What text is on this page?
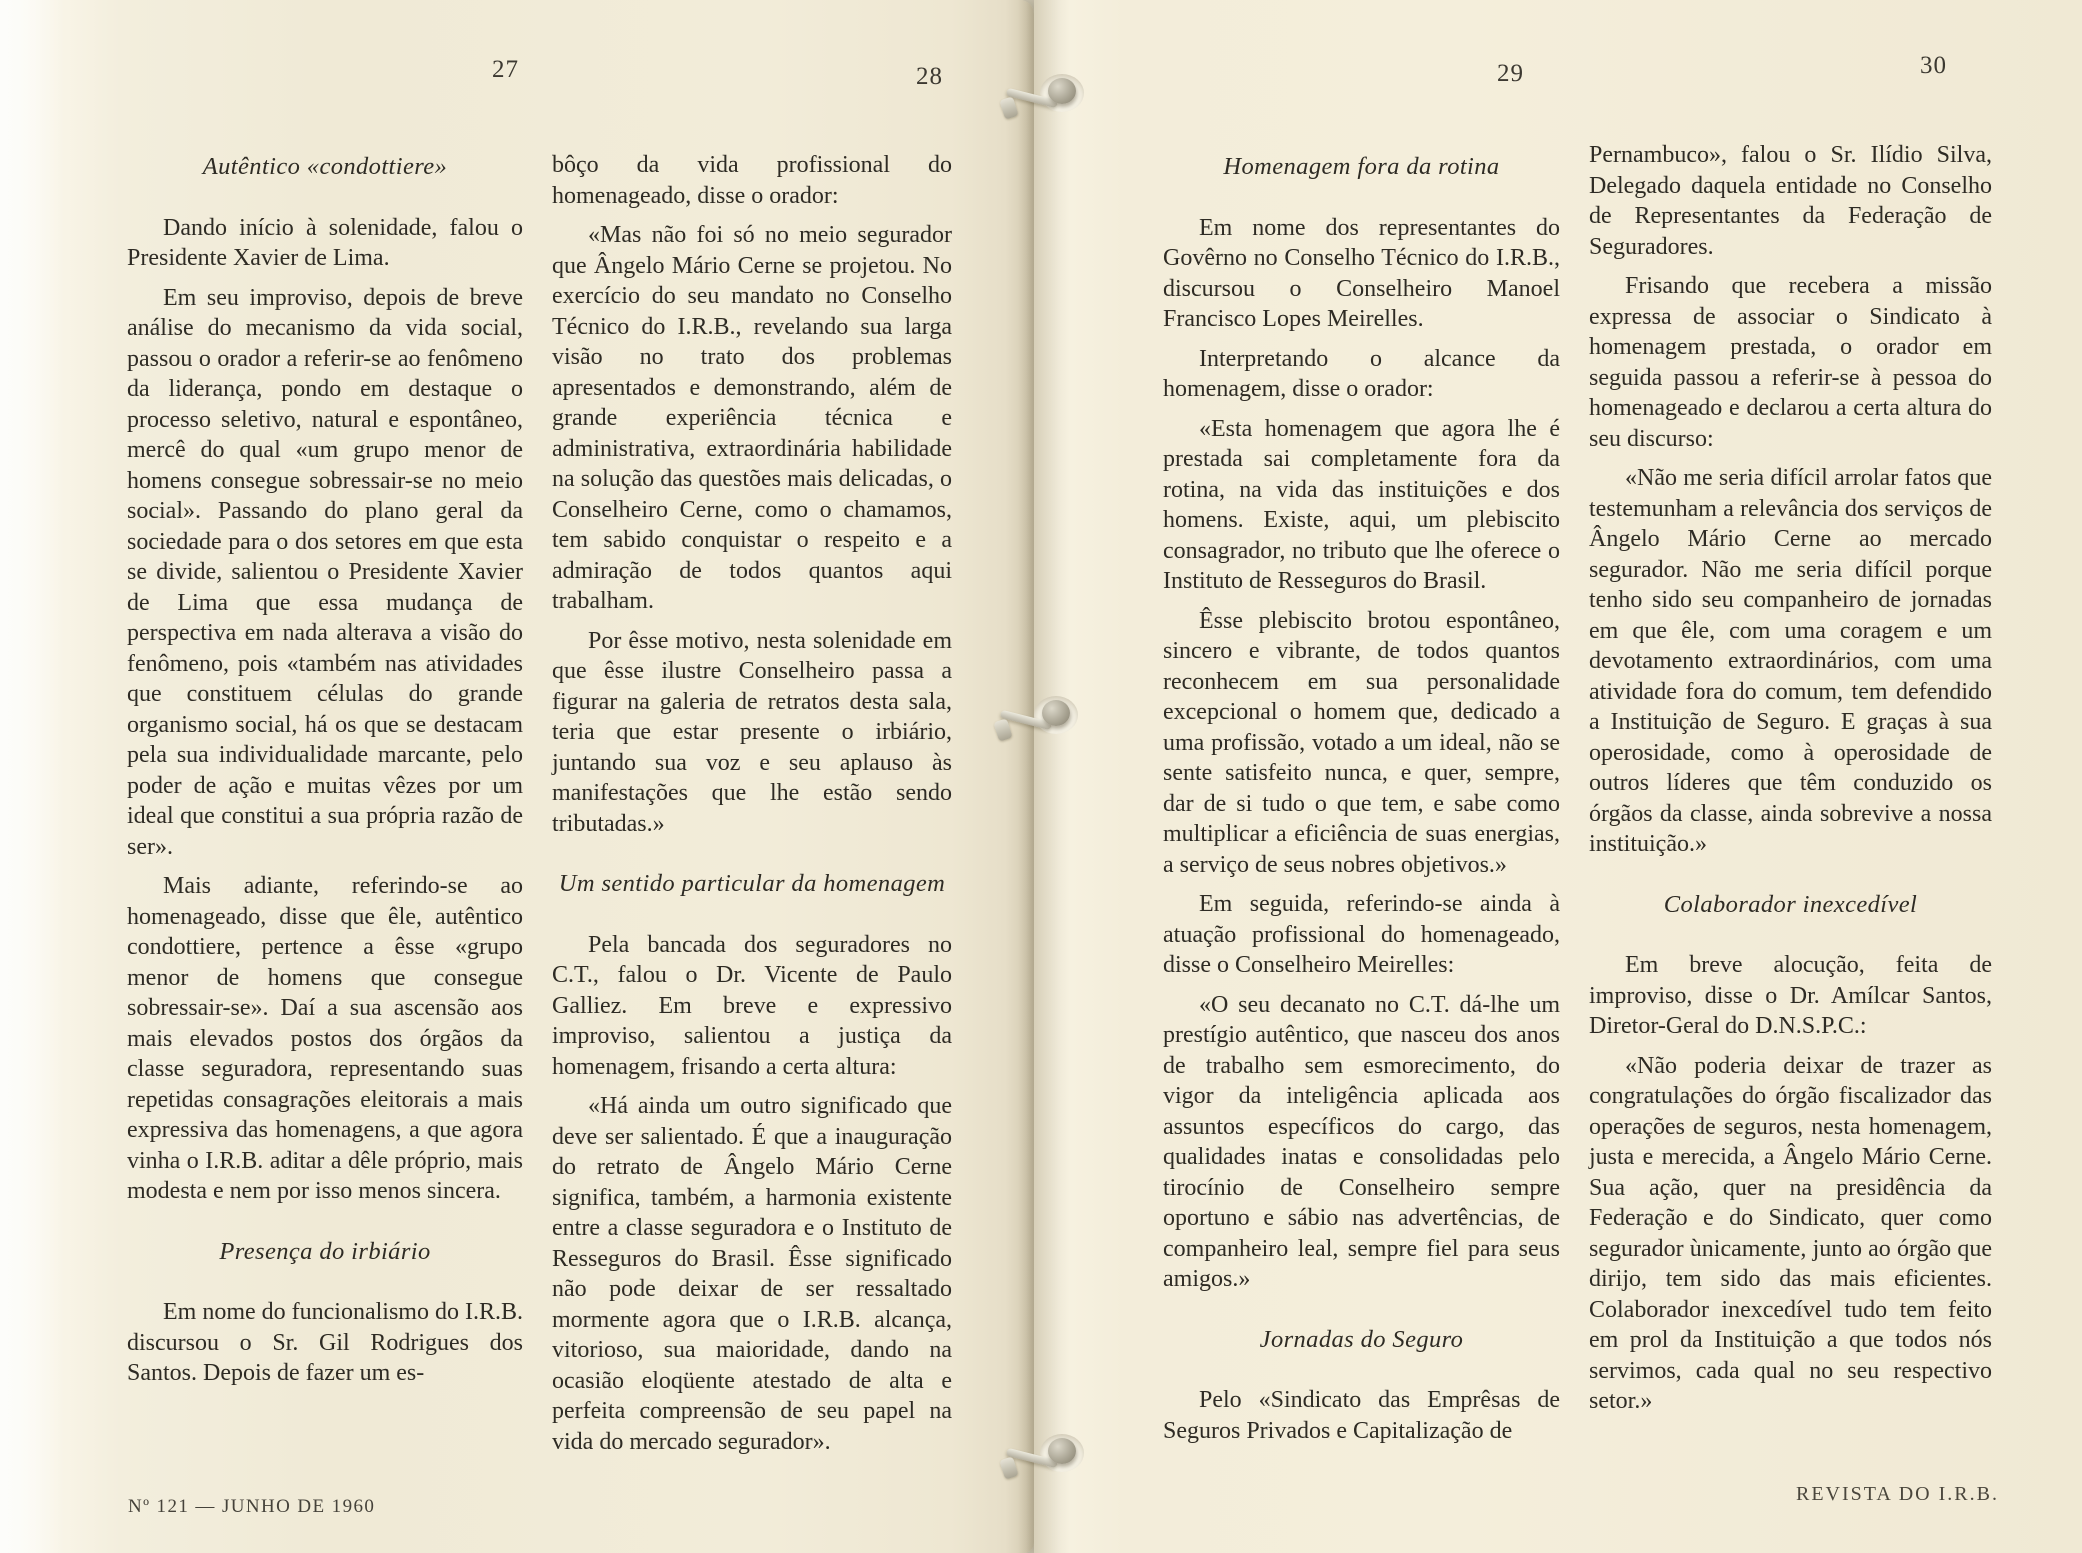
27	28	29	30
Autêntico «condottiere»

Dando início à solenidade, falou o Presidente Xavier de Lima.

Em seu improviso, depois de breve análise do mecanismo da vida social, passou o orador a referir-se ao fenômeno da liderança, pondo em destaque o processo seletivo, natural e espontâneo, mercê do qual «um grupo menor de homens consegue sobressair-se no meio social». Passando do plano geral da sociedade para o dos setores em que esta se divide, salientou o Presidente Xavier de Lima que essa mudança de perspectiva em nada alterava a visão do fenômeno, pois «também nas atividades que constituem células do grande organismo social, há os que se destacam pela sua individualidade marcante, pelo poder de ação e muitas vêzes por um ideal que constitui a sua própria razão de ser».

Mais adiante, referindo-se ao homenageado, disse que êle, autêntico condottiere, pertence a êsse «grupo menor de homens que consegue sobressair-se». Daí a sua ascensão aos mais elevados postos dos órgãos da classe seguradora, representando suas repetidas consagrações eleitorais a mais expressiva das homenagens, a que agora vinha o I.R.B. aditar a dêle próprio, mais modesta e nem por isso menos sincera.

Presença do irbiário

Em nome do funcionalismo do I.R.B. discursou o Sr. Gil Rodrigues dos Santos. Depois de fazer um es-

bôço da vida profissional do homenageado, disse o orador:

«Mas não foi só no meio segurador que Ângelo Mário Cerne se projetou. No exercício do seu mandato no Conselho Técnico do I.R.B., revelando sua larga visão no trato dos problemas apresentados e demonstrando, além de grande experiência técnica e administrativa, extraordinária habilidade na solução das questões mais delicadas, o Conselheiro Cerne, como o chamamos, tem sabido conquistar o respeito e a admiração de todos quantos aqui trabalham.

Por êsse motivo, nesta solenidade em que êsse ilustre Conselheiro passa a figurar na galeria de retratos desta sala, teria que estar presente o irbiário, juntando sua voz e seu aplauso às manifestações que lhe estão sendo tributadas.»

Um sentido particular da homenagem

Pela bancada dos seguradores no C.T., falou o Dr. Vicente de Paulo Galliez. Em breve e expressivo improviso, salientou a justiça da homenagem, frisando a certa altura:

«Há ainda um outro significado que deve ser salientado. É que a inauguração do retrato de Ângelo Mário Cerne significa, também, a harmonia existente entre a classe seguradora e o Instituto de Resseguros do Brasil. Êsse significado não pode deixar de ser ressaltado mormente agora que o I.R.B. alcança, vitorioso, sua maioridade, dando na ocasião eloqüente atestado de alta e perfeita compreensão de seu papel na vida do mercado segurador».

Homenagem fora da rotina

Em nome dos representantes do Govêrno no Conselho Técnico do I.R.B., discursou o Conselheiro Manoel Francisco Lopes Meirelles.

Interpretando o alcance da homenagem, disse o orador:

«Esta homenagem que agora lhe é prestada sai completamente fora da rotina, na vida das instituições e dos homens. Existe, aqui, um plebiscito consagrador, no tributo que lhe oferece o Instituto de Resseguros do Brasil.

Êsse plebiscito brotou espontâneo, sincero e vibrante, de todos quantos reconhecem em sua personalidade excepcional o homem que, dedicado a uma profissão, votado a um ideal, não se sente satisfeito nunca, e quer, sempre, dar de si tudo o que tem, e sabe como multiplicar a eficiência de suas energias, a serviço de seus nobres objetivos.»

Em seguida, referindo-se ainda à atuação profissional do homenageado, disse o Conselheiro Meirelles:

«O seu decanato no C.T. dá-lhe um prestígio autêntico, que nasceu dos anos de trabalho sem esmorecimento, do vigor da inteligência aplicada aos assuntos específicos do cargo, das qualidades inatas e consolidadas pelo tirocínio de Conselheiro sempre oportuno e sábio nas advertências, de companheiro leal, sempre fiel para seus amigos.»

Jornadas do Seguro

Pelo «Sindicato das Emprêsas de Seguros Privados e Capitalização de

Pernambuco», falou o Sr. Ilídio Silva, Delegado daquela entidade no Conselho de Representantes da Federação de Seguradores.

Frisando que recebera a missão expressa de associar o Sindicato à homenagem prestada, o orador em seguida passou a referir-se à pessoa do homenageado e declarou a certa altura do seu discurso:

«Não me seria difícil arrolar fatos que testemunham a relevância dos serviços de Ângelo Mário Cerne ao mercado segurador. Não me seria difícil porque tenho sido seu companheiro de jornadas em que êle, com uma coragem e um devotamento extraordinários, com uma atividade fora do comum, tem defendido a Instituição de Seguro. E graças à sua operosidade, como à operosidade de outros líderes que têm conduzido os órgãos da classe, ainda sobrevive a nossa instituição.»

Colaborador inexcedível

Em breve alocução, feita de improviso, disse o Dr. Amílcar Santos, Diretor-Geral do D.N.S.P.C.:

«Não poderia deixar de trazer as congratulações do órgão fiscalizador das operações de seguros, nesta homenagem, justa e merecida, a Ângelo Mário Cerne. Sua ação, quer na presidência da Federação e do Sindicato, quer como segurador ùnicamente, junto ao órgão que dirijo, tem sido das mais eficientes. Colaborador inexcedível tudo tem feito em prol da Instituição a que todos nós servimos, cada qual no seu respectivo setor.»

Nº 121 — JUNHO DE 1960
REVISTA DO I.R.B.
